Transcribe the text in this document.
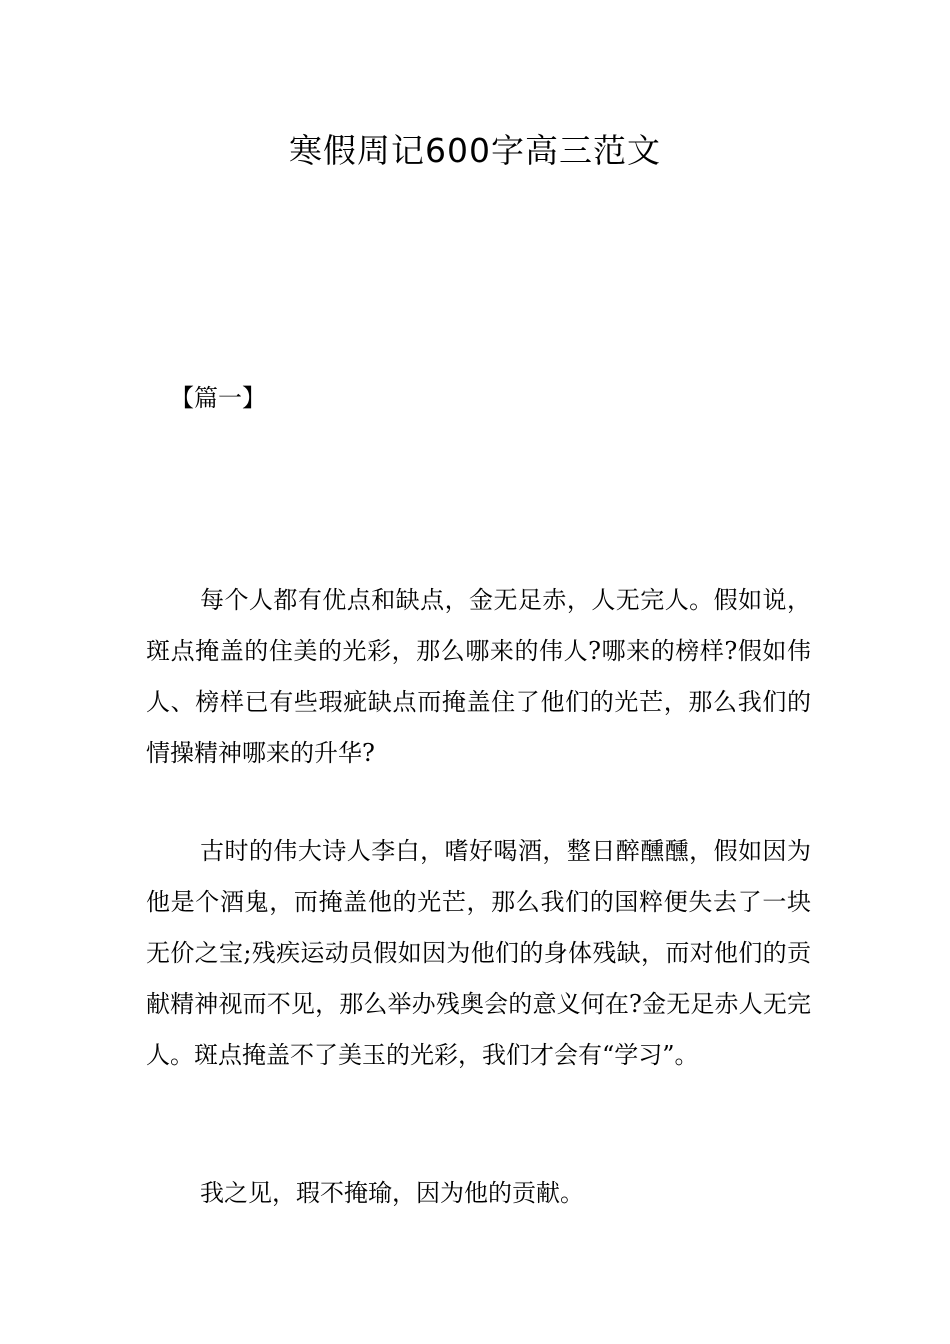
寒假周记600字高三范文
【篇一】

每个人都有优点和缺点，金无足赤，人无完人。假如说，斑点掩盖的住美的光彩，那么哪来的伟人?哪来的榜样?假如伟人、榜样已有些瑕疵缺点而掩盖住了他们的光芒，那么我们的情操精神哪来的升华?

古时的伟大诗人李白，嗜好喝酒，整日醉醺醺，假如因为他是个酒鬼，而掩盖他的光芒，那么我们的国粹便失去了一块无价之宝;残疾运动员假如因为他们的身体残缺，而对他们的贡献精神视而不见，那么举办残奥会的意义何在?金无足赤人无完人。斑点掩盖不了美玉的光彩，我们才会有“学习”。

我之见，瑕不掩瑜，因为他的贡献。
